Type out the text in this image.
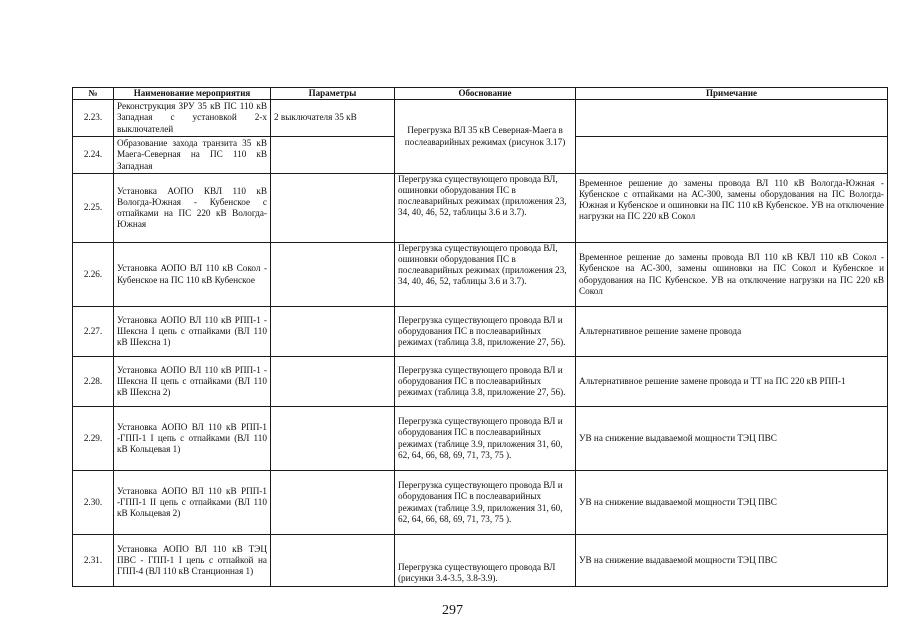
№	Наименование мероприятия	Параметры	Обоснование	Примечание
2.23.	Реконструкция ЗРУ 35 кВ ПС 110 кВ Западная с установкой 2-х выключателей	2 выключателя 35 кВ	Перегрузка ВЛ 35 кВ Северная-Маега в послеаварийных режимах (рисунок 3.17)	
2.24.	Образование захода транзита 35 кВ Маега-Северная на ПС 110 кВ Западная			
2.25.	Установка АОПО КВЛ 110 кВ Вологда-Южная - Кубенское с отпайками на ПС 220 кВ Вологда-Южная		Перегрузка существующего провода ВЛ, ошиновки оборудования ПС в послеаварийных режимах (приложения 23, 34, 40, 46, 52, таблицы 3.6 и 3.7).	Временное решение до замены провода ВЛ 110 кВ Вологда-Южная - Кубенское с отпайками на АС-300, замены оборудования на ПС Вологда-Южная и Кубенское и ошиновки на ПС 110 кВ Кубенское. УВ на отключение нагрузки на ПС 220 кВ Сокол
2.26.	Установка АОПО ВЛ 110 кВ Сокол - Кубенское на ПС 110 кВ Кубенское		Перегрузка существующего провода ВЛ, ошиновки оборудования ПС в послеаварийных режимах (приложения 23, 34, 40, 46, 52, таблицы 3.6 и 3.7).	Временное решение до замены провода ВЛ 110 кВ КВЛ 110 кВ Сокол - Кубенское на АС-300, замены ошиновки на ПС Сокол и Кубенское и оборудования на ПС Кубенское. УВ на отключение нагрузки на ПС 220 кВ Сокол
2.27.	Установка АОПО ВЛ 110 кВ РПП-1 - Шексна I цепь с отпайками (ВЛ 110 кВ Шексна 1)		Перегрузка существующего провода ВЛ и оборудования ПС в послеаварийных режимах (таблица 3.8, приложение 27, 56).	Альтернативное решение замене провода
2.28.	Установка АОПО ВЛ 110 кВ РПП-1 - Шексна II цепь с отпайками (ВЛ 110 кВ Шексна 2)		Перегрузка существующего провода ВЛ и оборудования ПС в послеаварийных режимах (таблица 3.8, приложение 27, 56).	Альтернативное решение замене провода и ТТ на ПС 220 кВ РПП-1
2.29.	Установка АОПО ВЛ 110 кВ РПП-1 -ГПП-1 I цепь с отпайками (ВЛ 110 кВ Кольцевая 1)		Перегрузка существующего провода ВЛ и оборудования ПС в послеаварийных режимах (таблице 3.9, приложения 31, 60, 62, 64, 66, 68, 69, 71, 73, 75 ).	УВ на снижение выдаваемой мощности ТЭЦ ПВС
2.30.	Установка АОПО ВЛ 110 кВ РПП-1 -ГПП-1 II цепь с отпайками (ВЛ 110 кВ Кольцевая 2)		Перегрузка существующего провода ВЛ и оборудования ПС в послеаварийных режимах (таблице 3.9, приложения 31, 60, 62, 64, 66, 68, 69, 71, 73, 75 ).	УВ на снижение выдаваемой мощности ТЭЦ ПВС
2.31.	Установка АОПО ВЛ 110 кВ ТЭЦ ПВС - ГПП-1 I цепь с отпайкой на ГПП-4 (ВЛ 110 кВ Станционная 1)		Перегрузка существующего провода ВЛ (рисунки 3.4-3.5, 3.8-3.9).	УВ на снижение выдаваемой мощности ТЭЦ ПВС
297
